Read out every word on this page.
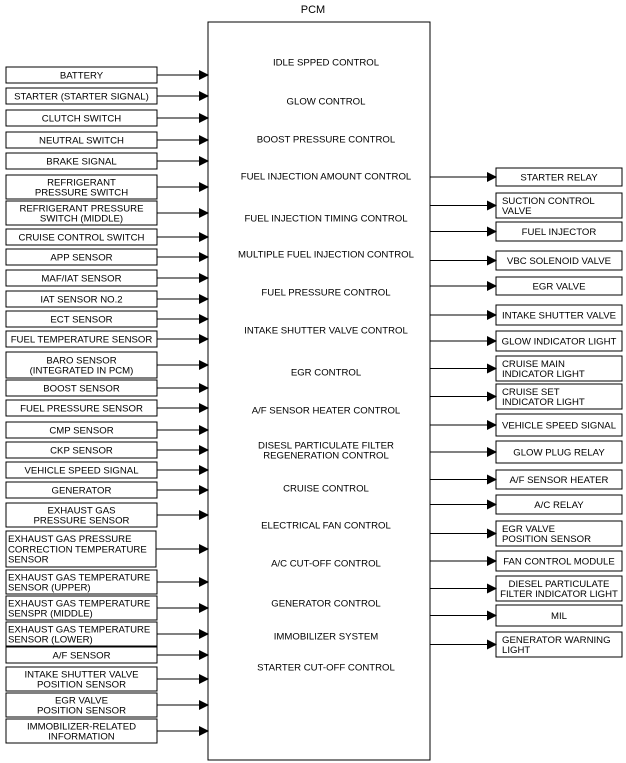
PCM
IDLE SPPED CONTROL
GLOW CONTROL
BOOST PRESSURE CONTROL
FUEL INJECTION AMOUNT CONTROL
FUEL INJECTION TIMING CONTROL
MULTIPLE FUEL INJECTION CONTROL
FUEL PRESSURE CONTROL
INTAKE SHUTTER VALVE CONTROL
EGR CONTROL
A/F SENSOR HEATER CONTROL
DISESL PARTICULATE FILTER
REGENERATION CONTROL
CRUISE CONTROL
ELECTRICAL FAN CONTROL
A/C CUT-OFF CONTROL
GENERATOR CONTROL
IMMOBILIZER SYSTEM
STARTER CUT-OFF CONTROL
BATTERY
STARTER (STARTER SIGNAL)
CLUTCH SWITCH
NEUTRAL SWITCH
BRAKE SIGNAL
REFRIGERANT
PRESSURE SWITCH
REFRIGERANT PRESSURE
SWITCH (MIDDLE)
CRUISE CONTROL SWITCH
APP SENSOR
MAF/IAT SENSOR
IAT SENSOR NO.2
ECT SENSOR
FUEL TEMPERATURE SENSOR
BARO SENSOR
(INTEGRATED IN PCM)
BOOST SENSOR
FUEL PRESSURE SENSOR
CMP SENSOR
CKP SENSOR
VEHICLE SPEED SIGNAL
GENERATOR
EXHAUST GAS
PRESSURE SENSOR
EXHAUST GAS PRESSURE
CORRECTION TEMPERATURE
SENSOR
EXHAUST GAS TEMPERATURE
SENSOR (UPPER)
EXHAUST GAS TEMPERATURE
SENSPR (MIDDLE)
EXHAUST GAS TEMPERATURE
SENSOR (LOWER)
A/F SENSOR
INTAKE SHUTTER VALVE
POSITION SENSOR
EGR VALVE
POSITION SENSOR
IMMOBILIZER-RELATED
INFORMATION
STARTER RELAY
SUCTION CONTROL
VALVE
FUEL INJECTOR
VBC SOLENOID VALVE
EGR VALVE
INTAKE SHUTTER VALVE
GLOW INDICATOR LIGHT
CRUISE MAIN
INDICATOR LIGHT
CRUISE SET
INDICATOR LIGHT
VEHICLE SPEED SIGNAL
GLOW PLUG RELAY
A/F SENSOR HEATER
A/C RELAY
EGR VALVE
POSITION SENSOR
FAN CONTROL MODULE
DIESEL PARTICULATE
FILTER INDICATOR LIGHT
MIL
GENERATOR WARNING
LIGHT
